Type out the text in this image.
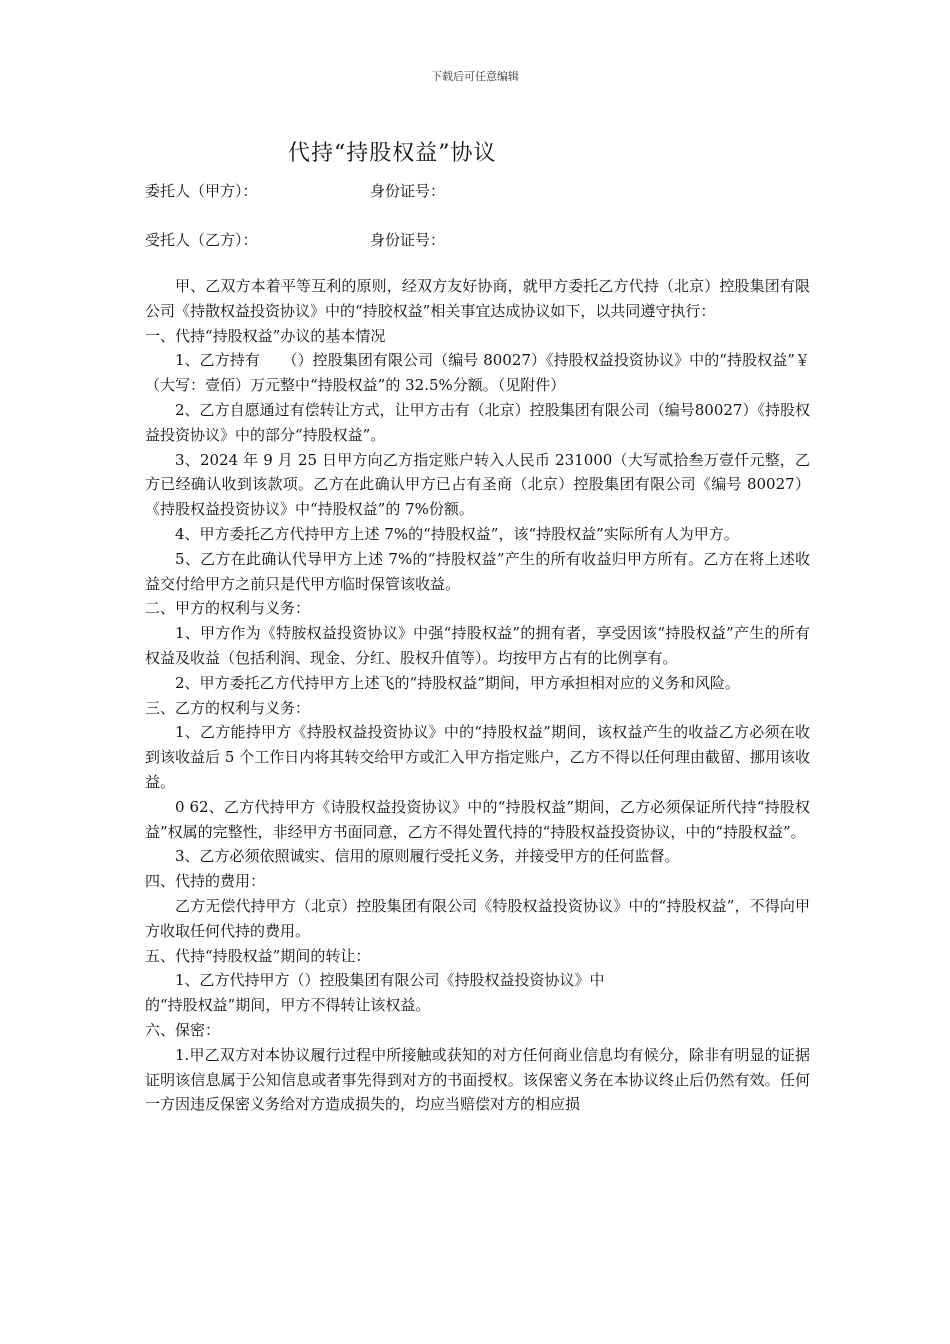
下载后可任意编辑
代持“持股权益”协议
委托人（甲方）：	身份证号：
受托人（乙方）：	身份证号：

甲、乙双方本着平等互利的原则，经双方友好协商，就甲方委托乙方代持（北京）控股集团有限公司《持散权益投资协议》中的“持胶权益”相关事宜达成协议如下，以共同遵守执行：

一、代持“持股权益”办议的基本情况

1、乙方持有　　（）控股集团有限公司（编号 80027）《持股权益投资协议》中的“持股权益”￥（大写：壹佰）万元整中“持股权益”的 32.5%分额。（见附件）

2、乙方自愿通过有偿转让方式，让甲方击有（北京）控股集团有限公司（编号80027）《持股权益投资协议》中的部分“持股权益”。

3、2024 年 9 月 25 日甲方向乙方指定账户转入人民币 231000（大写贰拾叁万壹仟元整，乙方已经确认收到该款项。乙方在此确认甲方已占有圣商（北京）控股集团有限公司《编号 80027）《持股权益投资协议》中“持股权益”的 7%份额。

4、甲方委托乙方代持甲方上述 7%的“持股权益”，该“持股权益”实际所有人为甲方。

5、乙方在此确认代导甲方上述 7%的“持股权益”产生的所有收益归甲方所有。乙方在将上述收益交付给甲方之前只是代甲方临时保管该收益。

二、甲方的权利与义务：

1、甲方作为《特胺权益投资协议》中强“持股权益”的拥有者，享受因该“持股权益”产生的所有权益及收益（包括利润、现金、分红、股权升值等）。均按甲方占有的比例享有。

2、甲方委托乙方代持甲方上述飞的“持股权益”期间，甲方承担相对应的义务和风险。

三、乙方的权利与义务：

1、乙方能持甲方《持股权益投资协议》中的“持股权益”期间，该权益产生的收益乙方必须在收到该收益后 5 个工作日内将其转交给甲方或汇入甲方指定账户，乙方不得以任何理由截留、挪用该收益。

0 62、乙方代持甲方《诗股权益投资协议》中的“持股权益”期间，乙方必须保证所代持“持股权益”权属的完整性，非经甲方书面同意，乙方不得处置代持的“持股权益投资协议，中的“持股权益”。

3、乙方必须依照诚实、信用的原则履行受托义务，并接受甲方的任何监督。

四、代持的费用：

乙方无偿代持甲方（北京）控股集团有限公司《特股权益投资协议》中的“持股权益”，不得向甲方收取任何代持的费用。

五、代持“持股权益”期间的转让：

1、乙方代持甲方（）控股集团有限公司《持股权益投资协议》中

的“持股权益”期间，甲方不得转让该权益。

六、保密：

1.甲乙双方对本协议履行过程中所接触或获知的对方任何商业信息均有候分，除非有明显的证据证明该信息属于公知信息或者事先得到对方的书面授权。该保密义务在本协议终止后仍然有效。任何一方因违反保密义务给对方造成损失的，均应当赔偿对方的相应损
